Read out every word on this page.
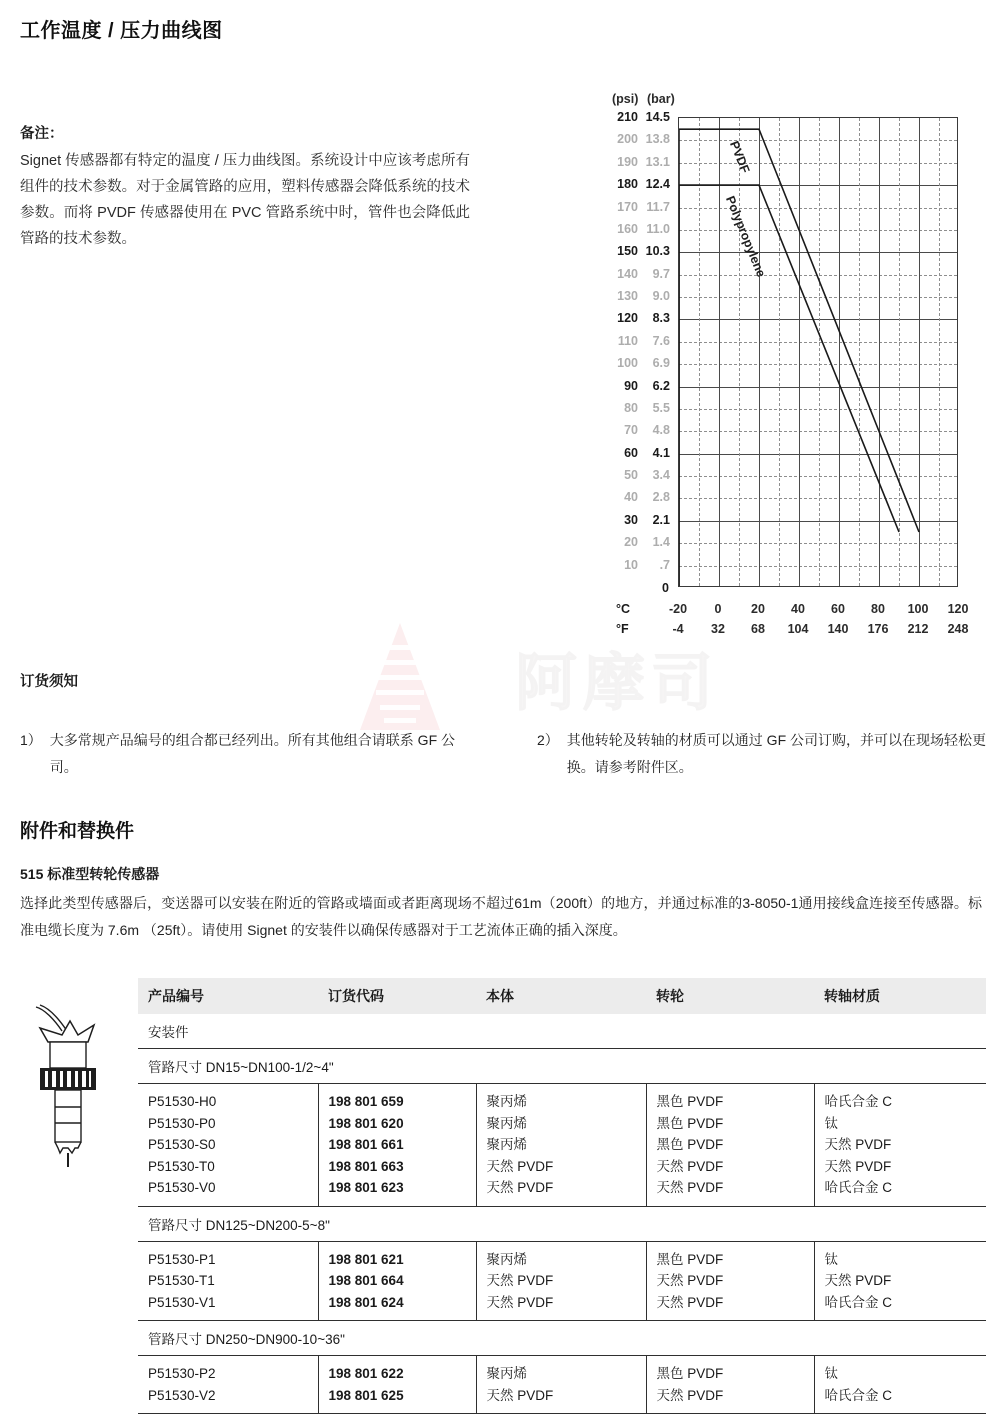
阿摩司
工作温度 / 压力曲线图
备注：
Signet 传感器都有特定的温度 / 压力曲线图。系统设计中应该考虑所有组件的技术参数。对于金属管路的应用，塑料传感器会降低系统的技术参数。而将 PVDF 传感器使用在 PVC 管路系统中时，管件也会降低此管路的技术参数。
(psi) (bar)
210 14.5
200 13.8
190 13.1
180 12.4
170 11.7
160 11.0
150 10.3
140	9.7
130	9.0
120	8.3
110	7.6
100	6.9
90	6.2
80	5.5
70	4.8
60	4.1
50	3.4
40	2.8
30	2.1
20	1.4
10	.7
0
PVDF
Polypropylene
°C
°F
-20
-4
0
32
20
68
40
104
60
140
80
176
100
212
120
248
订货须知
1） 大多常规产品编号的组合都已经列出。所有其他组合请联系 GF 公司。
2） 其他转轮及转轴的材质可以通过 GF 公司订购，并可以在现场轻松更换。请参考附件区。
附件和替换件
515 标准型转轮传感器
选择此类型传感器后，变送器可以安装在附近的管路或墙面或者距离现场不超过61m（200ft）的地方，并通过标准的3-8050-1通用接线盒连接至传感器。标准电缆长度为 7.6m （25ft）。请使用 Signet 的安装件以确保传感器对于工艺流体正确的插入深度。
产品编号	订货代码	本体	转轮	转轴材质
安装件
管路尺寸 DN15~DN100-1/2~4"

P51530-H0	198 801 659	聚丙烯	黑色 PVDF	哈氏合金 C
P51530-P0	198 801 620	聚丙烯	黑色 PVDF	钛
P51530-S0	198 801 661	聚丙烯	黑色 PVDF	天然 PVDF
P51530-T0	198 801 663	天然 PVDF	天然 PVDF	天然 PVDF
P51530-V0	198 801 623	天然 PVDF	天然 PVDF	哈氏合金 C

管路尺寸 DN125~DN200-5~8"

P51530-P1	198 801 621	聚丙烯	黑色 PVDF	钛
P51530-T1	198 801 664	天然 PVDF	天然 PVDF	天然 PVDF
P51530-V1	198 801 624	天然 PVDF	天然 PVDF	哈氏合金 C

管路尺寸 DN250~DN900-10~36"

P51530-P2	198 801 622	聚丙烯	黑色 PVDF	钛
P51530-V2	198 801 625	天然 PVDF	天然 PVDF	哈氏合金 C
